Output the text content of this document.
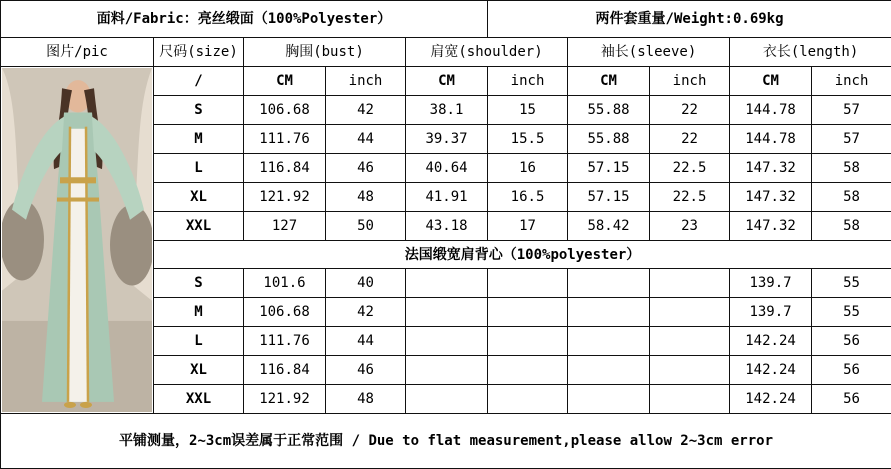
面料/Fabric：亮丝缎面（100%Polyester）					两件套重量/Weight:0.69kg				
图片/pic	尺码(size)	胸围(bust)		肩宽(shoulder)		袖长(sleeve)		衣长(length)	

	/	CM	inch	CM	inch	CM	inch	CM	inch
	S	106.68	42	38.1	15	55.88	22	144.78	57
	M	111.76	44	39.37	15.5	55.88	22	144.78	57
	L	116.84	46	40.64	16	57.15	22.5	147.32	58
	XL	121.92	48	41.91	16.5	57.15	22.5	147.32	58
	XXL	127	50	43.18	17	58.42	23	147.32	58
	法国缎宽肩背心（100%polyester）								
	S	101.6	40					139.7	55
	M	106.68	42					139.7	55
	L	111.76	44					142.24	56
	XL	116.84	46					142.24	56
	XXL	121.92	48					142.24	56
平铺测量，2~3cm误差属于正常范围 / Due to flat measurement,please allow 2~3cm error									
